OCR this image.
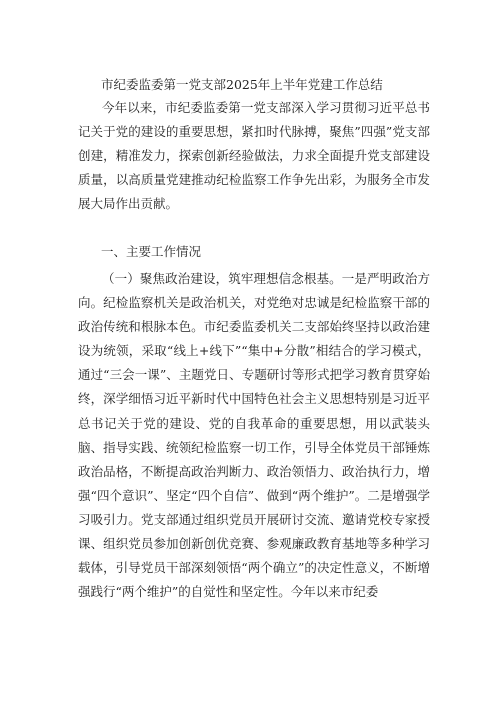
市纪委监委第一党支部2025年上半年党建工作总结
今年以来，市纪委监委第一党支部深入学习贯彻习近平总书记关于党的建设的重要思想，紧扣时代脉搏，聚焦”四强”党支部创建，精准发力，探索创新经验做法，力求全面提升党支部建设质量，以高质量党建推动纪检监察工作争先出彩，为服务全市发展大局作出贡献。
一、主要工作情况
（一）聚焦政治建设，筑牢理想信念根基。一是严明政治方向。纪检监察机关是政治机关，对党绝对忠诚是纪检监察干部的政治传统和根脉本色。市纪委监委机关二支部始终坚持以政治建设为统领，采取“线上+线下”“集中+分散”相结合的学习模式，通过“三会一课”、主题党日、专题研讨等形式把学习教育贯穿始终，深学细悟习近平新时代中国特色社会主义思想特别是习近平总书记关于党的建设、党的自我革命的重要思想，用以武装头脑、指导实践、统领纪检监察一切工作，引导全体党员干部锤炼政治品格，不断提高政治判断力、政治领悟力、政治执行力，增强“四个意识”、坚定“四个自信”、做到“两个维护”。二是增强学习吸引力。党支部通过组织党员开展研讨交流、邀请党校专家授课、组织党员参加创新创优竞赛、参观廉政教育基地等多种学习载体，引导党员干部深刻领悟“两个确立”的决定性意义，不断增强践行“两个维护”的自觉性和坚定性。今年以来市纪委
